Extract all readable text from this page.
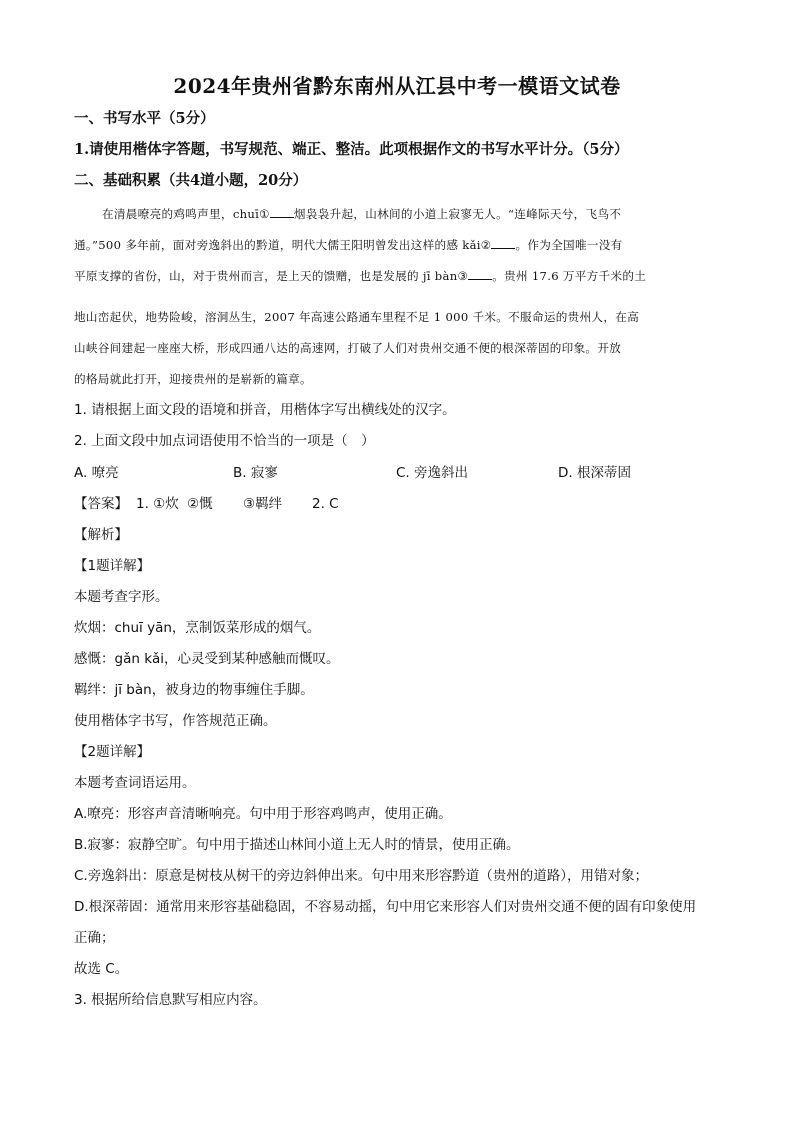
2024年贵州省黔东南州从江县中考一模语文试卷
一、书写水平（5分）
1.请使用楷体字答题，书写规范、端正、整洁。此项根据作文的书写水平计分。（5分）
二、基础积累（共4道小题，20分）
在清晨嘹亮的鸡鸣声里，chuī① 烟袅袅升起，山林间的小道上寂寥无人。“连峰际天兮，飞鸟不
通。”500 多年前，面对旁逸斜出的黔道，明代大儒王阳明曾发出这样的感 kǎi② 。作为全国唯一没有
平原支撑的省份，山，对于贵州而言，是上天的馈赠，也是发展的 jī bàn③ 。贵州 17.6 万平方千米的土
地山峦起伏，地势险峻，溶洞丛生，2007 年高速公路通车里程不足 1 000 千米。不服命运的贵州人，在高
山峡谷间建起一座座大桥，形成四通八达的高速网，打破了人们对贵州交通不便的根深蒂固的印象。开放
的格局就此打开，迎接贵州的是崭新的篇章。
1. 请根据上面文段的语境和拼音，用楷体字写出横线处的汉字。
2. 上面文段中加点词语使用不恰当的一项是（　）
A. 嘹亮	B. 寂寥	C. 旁逸斜出	D. 根深蒂固
【答案】 1. ①炊 ②慨 ③羁绊 2. C
【解析】
【1题详解】
本题考查字形。
炊烟：chuī yān，烹制饭菜形成的烟气。
感慨：gǎn kǎi，心灵受到某种感触而慨叹。
羁绊：jī bàn，被身边的物事缠住手脚。
使用楷体字书写，作答规范正确。
【2题详解】
本题考查词语运用。
A.嘹亮：形容声音清晰响亮。句中用于形容鸡鸣声，使用正确。
B.寂寥：寂静空旷。句中用于描述山林间小道上无人时的情景，使用正确。
C.旁逸斜出：原意是树枝从树干的旁边斜伸出来。句中用来形容黔道（贵州的道路），用错对象；
D.根深蒂固：通常用来形容基础稳固，不容易动摇，句中用它来形容人们对贵州交通不便的固有印象使用
正确；
故选 C。
3. 根据所给信息默写相应内容。
